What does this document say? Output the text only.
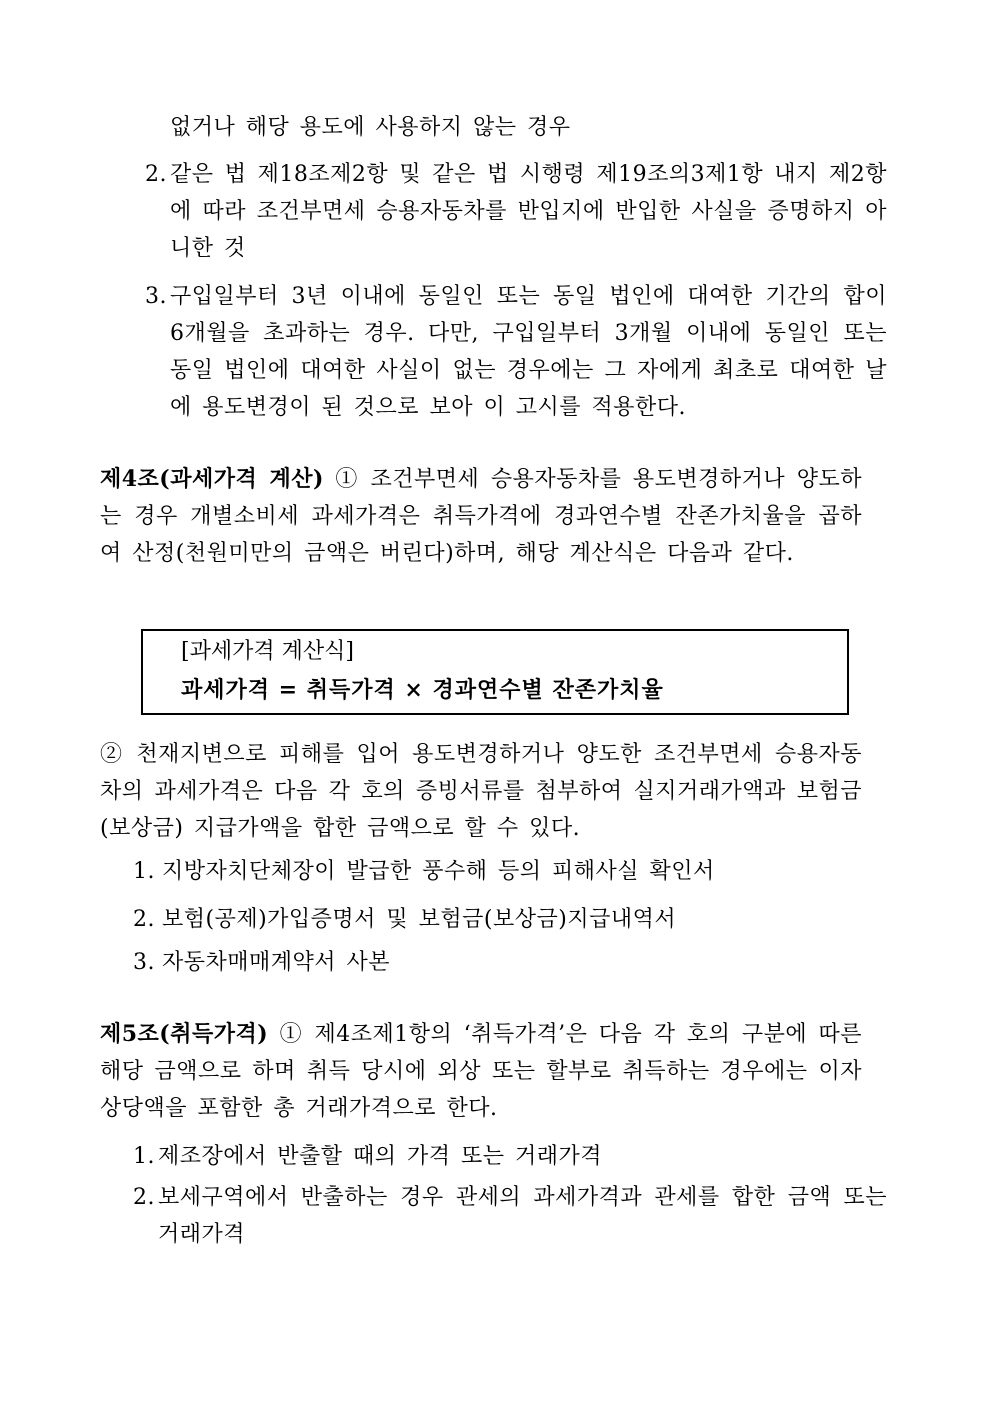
없거나 해당 용도에 사용하지 않는 경우
2. 같은 법 제18조제2항 및 같은 법 시행령 제19조의3제1항 내지 제2항에 따라 조건부면세 승용자동차를 반입지에 반입한 사실을 증명하지 아니한 것
3. 구입일부터 3년 이내에 동일인 또는 동일 법인에 대여한 기간의 합이 6개월을 초과하는 경우. 다만, 구입일부터 3개월 이내에 동일인 또는 동일 법인에 대여한 사실이 없는 경우에는 그 자에게 최초로 대여한 날에 용도변경이 된 것으로 보아 이 고시를 적용한다.
제4조(과세가격 계산) ① 조건부면세 승용자동차를 용도변경하거나 양도하는 경우 개별소비세 과세가격은 취득가격에 경과연수별 잔존가치율을 곱하여 산정(천원미만의 금액은 버린다)하며, 해당 계산식은 다음과 같다.
[과세가격 계산식]
과세가격 = 취득가격 × 경과연수별 잔존가치율
② 천재지변으로 피해를 입어 용도변경하거나 양도한 조건부면세 승용자동차의 과세가격은 다음 각 호의 증빙서류를 첨부하여 실지거래가액과 보험금(보상금) 지급가액을 합한 금액으로 할 수 있다.
1. 지방자치단체장이 발급한 풍수해 등의 피해사실 확인서
2. 보험(공제)가입증명서 및 보험금(보상금)지급내역서
3. 자동차매매계약서 사본
제5조(취득가격) ① 제4조제1항의 ‘취득가격’은 다음 각 호의 구분에 따른 해당 금액으로 하며 취득 당시에 외상 또는 할부로 취득하는 경우에는 이자상당액을 포함한 총 거래가격으로 한다.
1. 제조장에서 반출할 때의 가격 또는 거래가격
2. 보세구역에서 반출하는 경우 관세의 과세가격과 관세를 합한 금액 또는 거래가격
